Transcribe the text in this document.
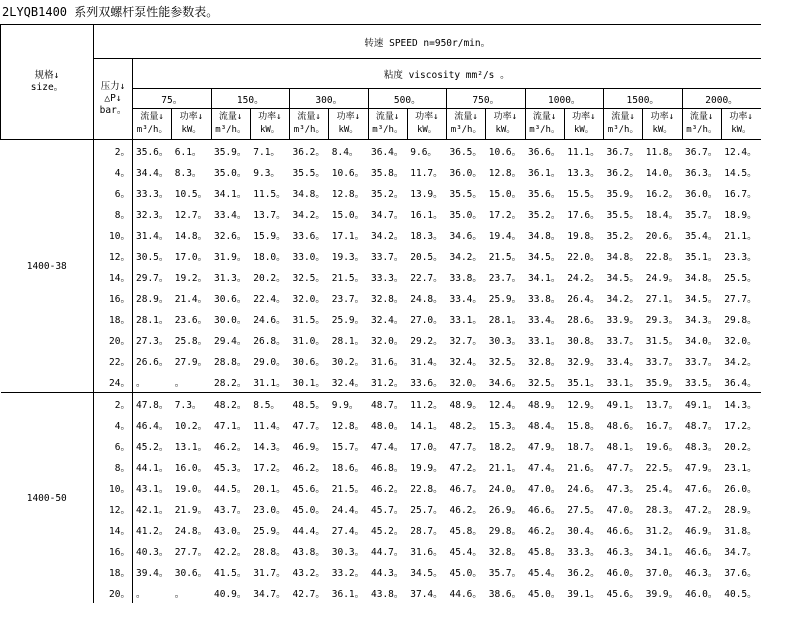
2LYQB1400 系列双螺杆泵性能参数表。
规格↓
size。	转速 SPEED n=950r/min。																
	压力↓
△P↓
bar。	粘度 viscosity mm²/s 。															
		75。		150。		300。		500。		750。		1000。		1500。		2000。	
		流量↓
m³/h。	功率↓
kW。	流量↓
m³/h。	功率↓
kW。	流量↓
m³/h。	功率↓
kW。	流量↓
m³/h。	功率↓
kW。	流量↓
m³/h。	功率↓
kW。	流量↓
m³/h。	功率↓
kW。	流量↓
m³/h。	功率↓
kW。	流量↓
m³/h。	功率↓
kW。
1400-38	2。	35.6。	6.1。	35.9。	7.1。	36.2。	8.4。	36.4。	9.6。	36.5。	10.6。	36.6。	11.1。	36.7。	11.8。	36.7。	12.4。
	4。	34.4。	8.3。	35.0。	9.3。	35.5。	10.6。	35.8。	11.7。	36.0。	12.8。	36.1。	13.3。	36.2。	14.0。	36.3。	14.5。
	6。	33.3。	10.5。	34.1。	11.5。	34.8。	12.8。	35.2。	13.9。	35.5。	15.0。	35.6。	15.5。	35.9。	16.2。	36.0。	16.7。
	8。	32.3。	12.7。	33.4。	13.7。	34.2。	15.0。	34.7。	16.1。	35.0。	17.2。	35.2。	17.6。	35.5。	18.4。	35.7。	18.9。
	10。	31.4。	14.8。	32.6。	15.9。	33.6。	17.1。	34.2。	18.3。	34.6。	19.4。	34.8。	19.8。	35.2。	20.6。	35.4。	21.1。
	12。	30.5。	17.0。	31.9。	18.0。	33.0。	19.3。	33.7。	20.5。	34.2。	21.5。	34.5。	22.0。	34.8。	22.8。	35.1。	23.3。
	14。	29.7。	19.2。	31.3。	20.2。	32.5。	21.5。	33.3。	22.7。	33.8。	23.7。	34.1。	24.2。	34.5。	24.9。	34.8。	25.5。
	16。	28.9。	21.4。	30.6。	22.4。	32.0。	23.7。	32.8。	24.8。	33.4。	25.9。	33.8。	26.4。	34.2。	27.1。	34.5。	27.7。
	18。	28.1。	23.6。	30.0。	24.6。	31.5。	25.9。	32.4。	27.0。	33.1。	28.1。	33.4。	28.6。	33.9。	29.3。	34.3。	29.8。
	20。	27.3。	25.8。	29.4。	26.8。	31.0。	28.1。	32.0。	29.2。	32.7。	30.3。	33.1。	30.8。	33.7。	31.5。	34.0。	32.0。
	22。	26.6。	27.9。	28.8。	29.0。	30.6。	30.2。	31.6。	31.4。	32.4。	32.5。	32.8。	32.9。	33.4。	33.7。	33.7。	34.2。
	24。	。	。	28.2。	31.1。	30.1。	32.4。	31.2。	33.6。	32.0。	34.6。	32.5。	35.1。	33.1。	35.9。	33.5。	36.4。
1400-50	2。	47.8。	7.3。	48.2。	8.5。	48.5。	9.9。	48.7。	11.2。	48.9。	12.4。	48.9。	12.9。	49.1。	13.7。	49.1。	14.3。
	4。	46.4。	10.2。	47.1。	11.4。	47.7。	12.8。	48.0。	14.1。	48.2。	15.3。	48.4。	15.8。	48.6。	16.7。	48.7。	17.2。
	6。	45.2。	13.1。	46.2。	14.3。	46.9。	15.7。	47.4。	17.0。	47.7。	18.2。	47.9。	18.7。	48.1。	19.6。	48.3。	20.2。
	8。	44.1。	16.0。	45.3。	17.2。	46.2。	18.6。	46.8。	19.9。	47.2。	21.1。	47.4。	21.6。	47.7。	22.5。	47.9。	23.1。
	10。	43.1。	19.0。	44.5。	20.1。	45.6。	21.5。	46.2。	22.8。	46.7。	24.0。	47.0。	24.6。	47.3。	25.4。	47.6。	26.0。
	12。	42.1。	21.9。	43.7。	23.0。	45.0。	24.4。	45.7。	25.7。	46.2。	26.9。	46.6。	27.5。	47.0。	28.3。	47.2。	28.9。
	14。	41.2。	24.8。	43.0。	25.9。	44.4。	27.4。	45.2。	28.7。	45.8。	29.8。	46.2。	30.4。	46.6。	31.2。	46.9。	31.8。
	16。	40.3。	27.7。	42.2。	28.8。	43.8。	30.3。	44.7。	31.6。	45.4。	32.8。	45.8。	33.3。	46.3。	34.1。	46.6。	34.7。
	18。	39.4。	30.6。	41.5。	31.7。	43.2。	33.2。	44.3。	34.5。	45.0。	35.7。	45.4。	36.2。	46.0。	37.0。	46.3。	37.6。
	20。	。	。	40.9。	34.7。	42.7。	36.1。	43.8。	37.4。	44.6。	38.6。	45.0。	39.1。	45.6。	39.9。	46.0。	40.5。
